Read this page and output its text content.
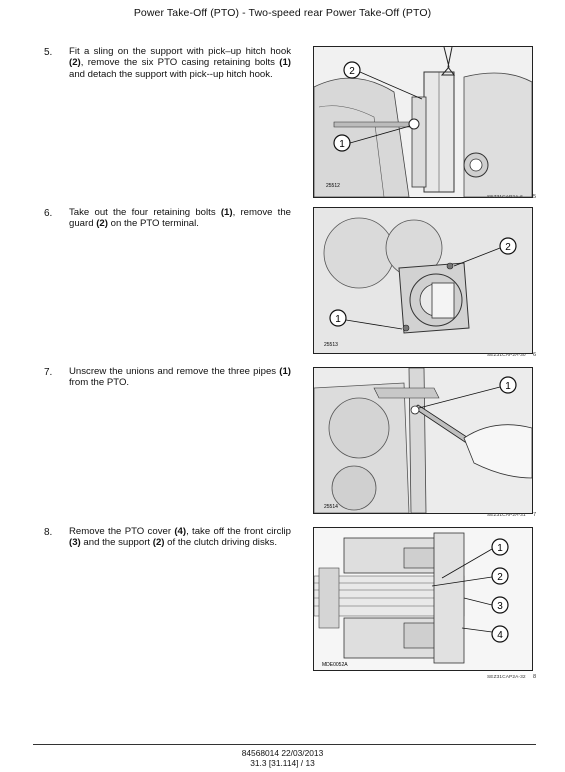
Power Take-Off (PTO) - Two-speed rear Power Take-Off (PTO)
5. Fit a sling on the support with pick–up hitch hook (2), remove the six PTO casing retaining bolts (1) and detach the support with pick--up hitch hook.	2
1
25512
SEZ31CAP2A-6 5
6. Take out the four retaining bolts (1), remove the guard (2) on the PTO terminal.
2
1
25513
SEZ31CAP2A-30 6
7. Unscrew the unions and remove the three pipes (1) from the PTO.	1
25514
SEZ31CAP2A-31 7
8. Remove the PTO cover (4), take off the front circlip (3) and the support (2) of the clutch driving disks.
1
2
3
4
MDE0052A
SEZ31CAP2A-32 8
84568014 22/03/2013
31.3 [31.114] / 13
